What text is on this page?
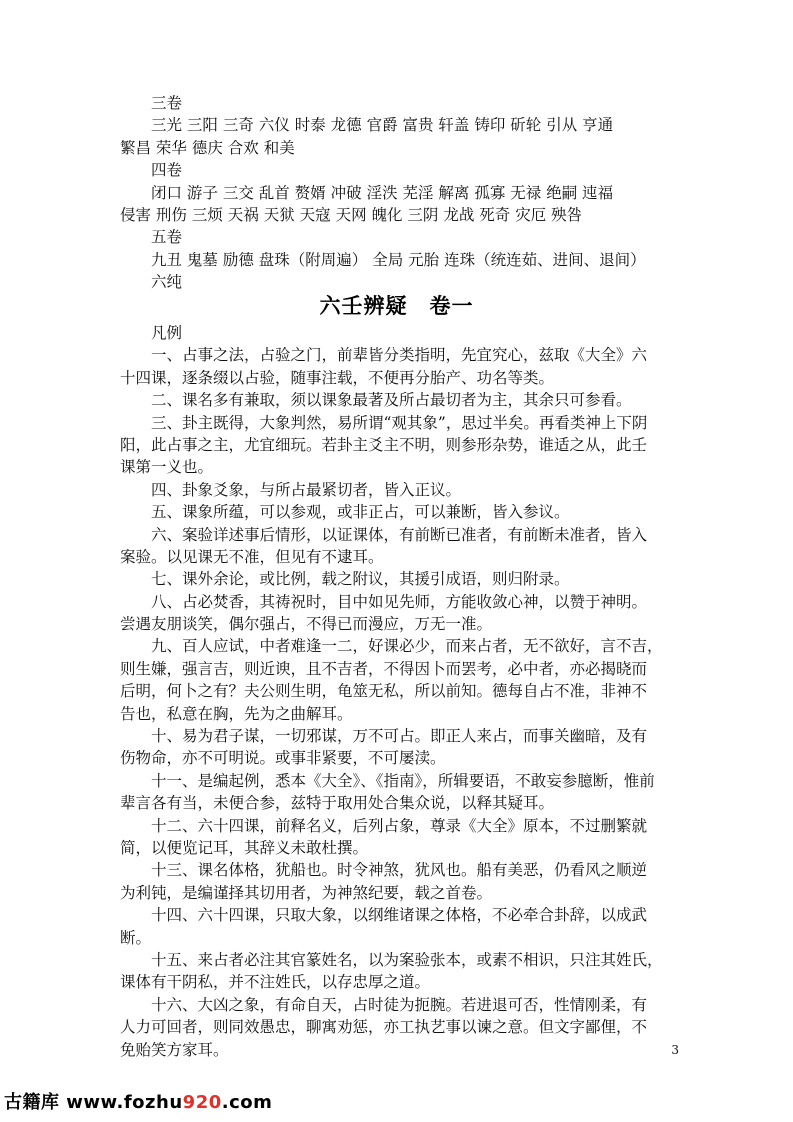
三卷
三光 三阳 三奇 六仪 时泰 龙德 官爵 富贵 轩盖 铸印 斫轮 引从 亨通
繁昌 荣华 德庆 合欢 和美
四卷
闭口 游子 三交 乱首 赘婿 冲破 淫泆 芜淫 解离 孤寡 无禄 绝嗣 迍福
侵害 刑伤 三烦 天祸 天狱 天寇 天网 魄化 三阴 龙战 死奇 灾厄 殃咎
五卷
九丑 鬼墓 励德 盘珠（附周遍） 全局 元胎 连珠（统连茹、进间、退间）
六纯
六壬辨疑　卷一
凡例
一、占事之法，占验之门，前辈皆分类指明，先宜究心，兹取《大全》六
十四课，逐条缀以占验，随事注载，不便再分胎产、功名等类。
二、课名多有兼取，须以课象最著及所占最切者为主，其余只可参看。
三、卦主既得，大象判然，易所谓“观其象”，思过半矣。再看类神上下阴
阳，此占事之主，尤宜细玩。若卦主爻主不明，则参形杂势，谁适之从，此壬
课第一义也。
四、卦象爻象，与所占最紧切者，皆入正议。
五、课象所蕴，可以参观，或非正占，可以兼断，皆入参议。
六、案验详述事后情形，以证课体，有前断已准者，有前断未准者，皆入
案验。以见课无不准，但见有不逮耳。
七、课外余论，或比例，载之附议，其援引成语，则归附录。
八、占必焚香，其祷祝时，目中如见先师，方能收敛心神，以赞于神明。
尝遇友朋谈笑，偶尔强占，不得已而漫应，万无一准。
九、百人应试，中者难逢一二，好课必少，而来占者，无不欲好，言不吉，
则生嫌，强言吉，则近谀，且不吉者，不得因卜而罢考，必中者，亦必揭晓而
后明，何卜之有？夫公则生明，龟筮无私，所以前知。德每自占不准，非神不
告也，私意在胸，先为之曲解耳。
十、易为君子谋，一切邪谋，万不可占。即正人来占，而事关幽暗，及有
伤物命，亦不可明说。或事非紧要，不可屡渎。
十一、是编起例，悉本《大全》、《指南》，所辑要语，不敢妄参臆断，惟前
辈言各有当，未便合参，兹特于取用处合集众说，以释其疑耳。
十二、六十四课，前释名义，后列占象，尊录《大全》原本，不过删繁就
简，以便览记耳，其辞义未敢杜撰。
十三、课名体格，犹船也。时令神煞，犹风也。船有美恶，仍看风之顺逆
为利钝，是编谨择其切用者，为神煞纪要，载之首卷。
十四、六十四课，只取大象，以纲维诸课之体格，不必牵合卦辞，以成武
断。
十五、来占者必注其官篆姓名，以为案验张本，或素不相识，只注其姓氏，
课体有干阴私，并不注姓氏，以存忠厚之道。
十六、大凶之象，有命自天，占时徒为扼腕。若进退可否，性情刚柔，有
人力可回者，则同效愚忠，聊寓劝惩，亦工执艺事以谏之意。但文字鄙俚，不
免贻笑方家耳。	3
古籍库 www.fozhu920.com
